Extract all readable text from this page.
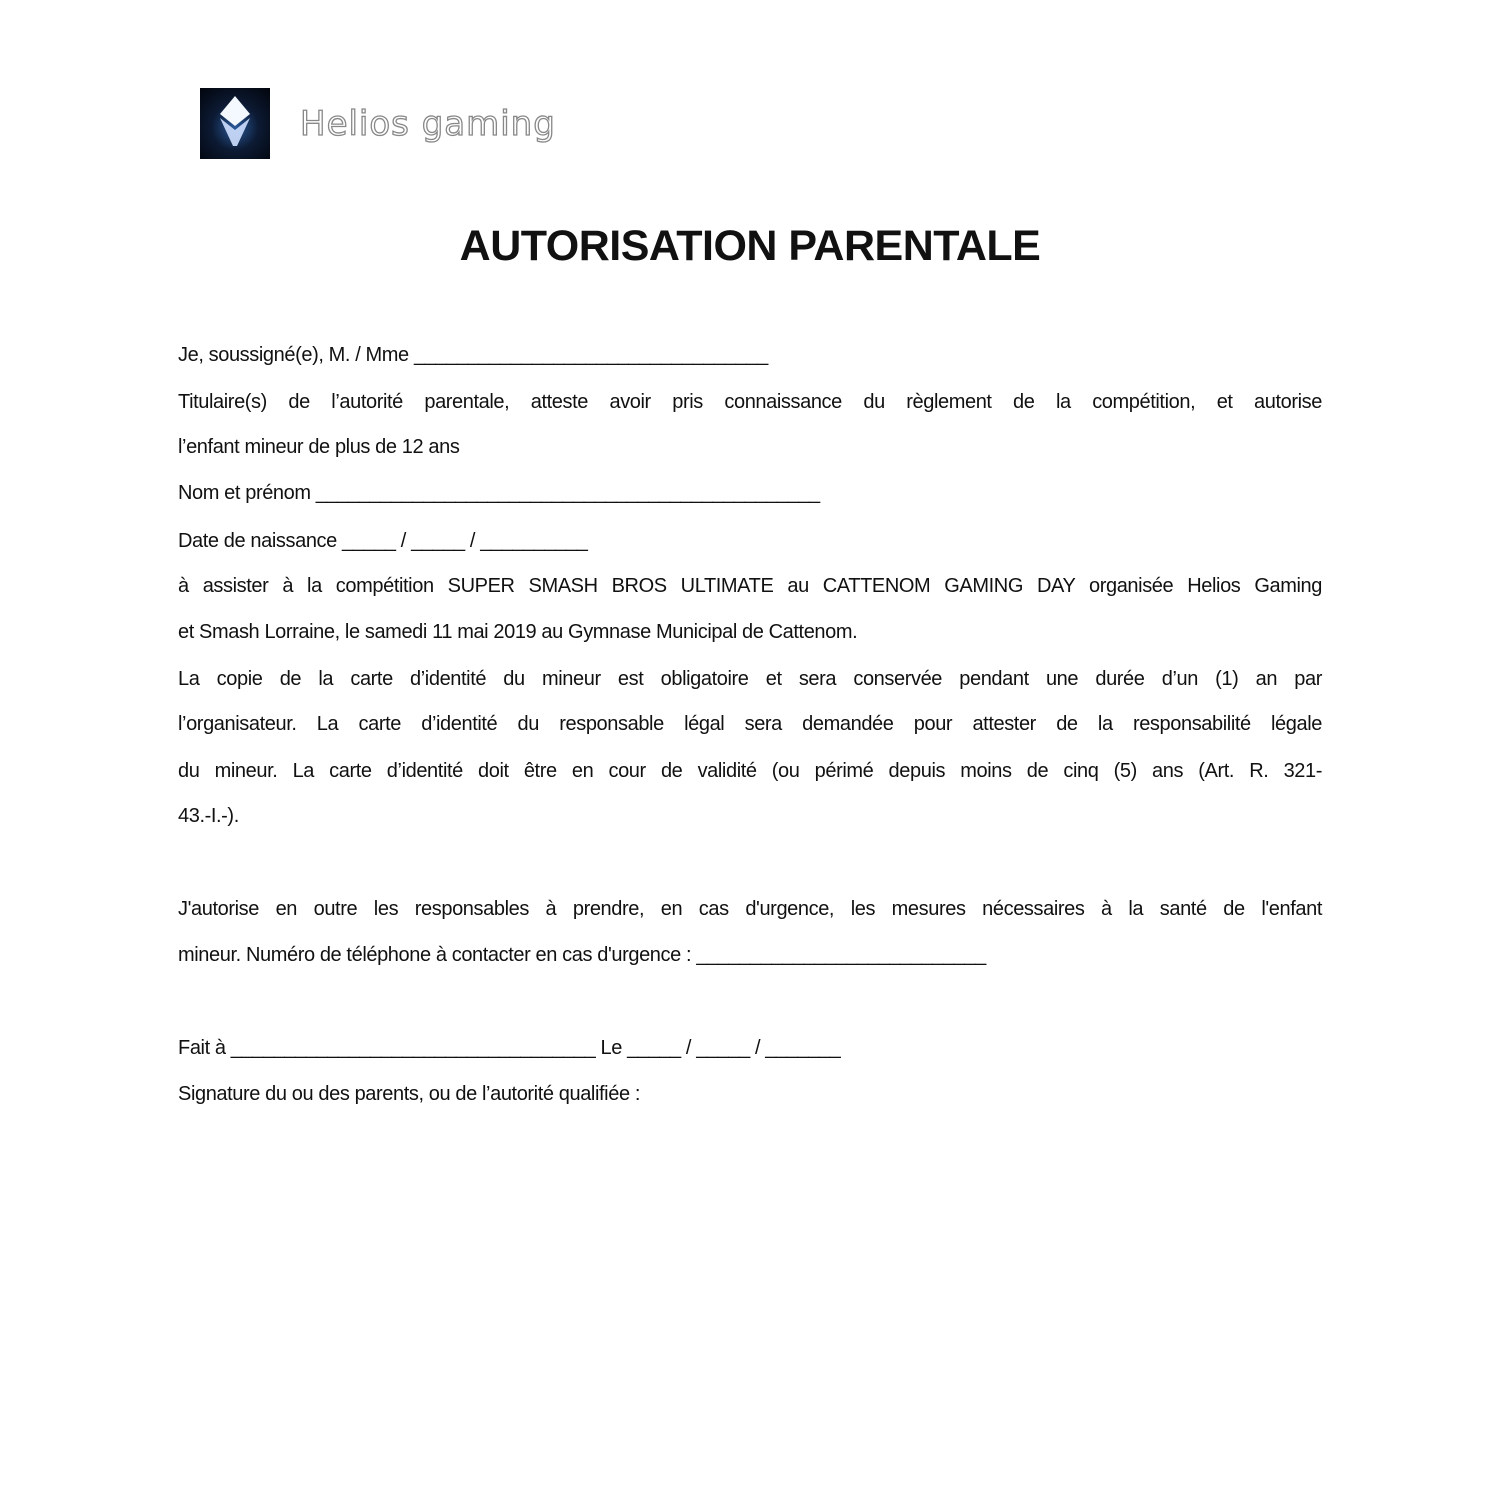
Helios gaming
AUTORISATION PARENTALE
Je, soussigné(e), M. / Mme _________________________________
Titulaire(s) de l’autorité parentale, atteste avoir pris connaissance du règlement de la compétition, et autorise
l’enfant mineur de plus de 12 ans
Nom et prénom _______________________________________________
Date de naissance _____ / _____ / __________
à assister à la compétition SUPER SMASH BROS ULTIMATE au CATTENOM GAMING DAY organisée Helios Gaming
et Smash Lorraine, le samedi 11 mai 2019 au Gymnase Municipal de Cattenom.
La copie de la carte d’identité du mineur est obligatoire et sera conservée pendant une durée d’un (1) an par
l’organisateur. La carte d’identité du responsable légal sera demandée pour attester de la responsabilité légale
du mineur. La carte d’identité doit être en cour de validité (ou périmé depuis moins de cinq (5) ans (Art. R. 321-
43.-I.-).
J'autorise en outre les responsables à prendre, en cas d'urgence, les mesures nécessaires à la santé de l'enfant
mineur. Numéro de téléphone à contacter en cas d'urgence : ___________________________
Fait à __________________________________ Le _____ / _____ / _______
Signature du ou des parents, ou de l’autorité qualifiée :
